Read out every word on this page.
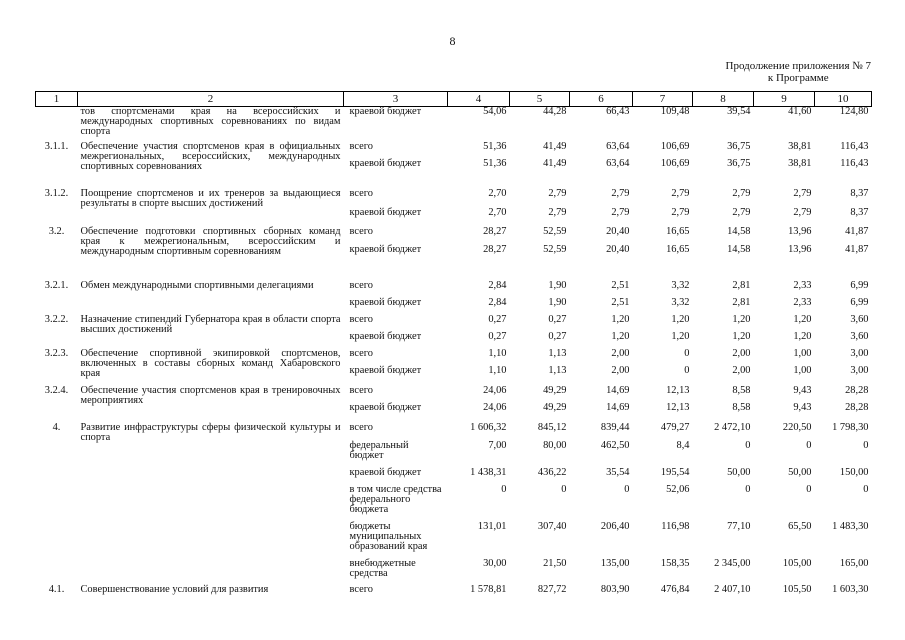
8
Продолжение приложения № 7
к Программе
1	2	3	4	5	6	7	8	9	10
	тов спортсменами края на всероссийских и международных спортивных соревнованиях по видам спорта	краевой бюджет	54,06	44,28	66,43	109,48	39,54	41,60	124,80
3.1.1.	Обеспечение участия спортсменов края в официальных межрегиональных, всероссийских, международных спортивных соревнованиях	всего	51,36	41,49	63,64	106,69	36,75	38,81	116,43
		краевой бюджет	51,36	41,49	63,64	106,69	36,75	38,81	116,43
3.1.2.	Поощрение спортсменов и их тренеров за выдающиеся результаты в спорте высших достижений	всего	2,70	2,79	2,79	2,79	2,79	2,79	8,37
		краевой бюджет	2,70	2,79	2,79	2,79	2,79	2,79	8,37
3.2.	Обеспечение подготовки спортивных сборных команд края к межрегиональным, всероссийским и международным спортивным соревнованиям	всего	28,27	52,59	20,40	16,65	14,58	13,96	41,87
		краевой бюджет	28,27	52,59	20,40	16,65	14,58	13,96	41,87
3.2.1.	Обмен международными спортивными делегациями	всего	2,84	1,90	2,51	3,32	2,81	2,33	6,99
		краевой бюджет	2,84	1,90	2,51	3,32	2,81	2,33	6,99
3.2.2.	Назначение стипендий Губернатора края в области спорта высших достижений	всего	0,27	0,27	1,20	1,20	1,20	1,20	3,60
		краевой бюджет	0,27	0,27	1,20	1,20	1,20	1,20	3,60
3.2.3.	Обеспечение спортивной экипировкой спортсменов, включенных в составы сборных команд Хабаровского края	всего	1,10	1,13	2,00	0	2,00	1,00	3,00
		краевой бюджет	1,10	1,13	2,00	0	2,00	1,00	3,00
3.2.4.	Обеспечение участия спортсменов края в тренировочных мероприятиях	всего	24,06	49,29	14,69	12,13	8,58	9,43	28,28
		краевой бюджет	24,06	49,29	14,69	12,13	8,58	9,43	28,28
4.	Развитие инфраструктуры сферы физической культуры и спорта	всего	1 606,32	845,12	839,44	479,27	2 472,10	220,50	1 798,30
		федеральный бюджет	7,00	80,00	462,50	8,4	0	0	0
		краевой бюджет	1 438,31	436,22	35,54	195,54	50,00	50,00	150,00
		в том числе средства федерального бюджета	0	0	0	52,06	0	0	0
		бюджеты муниципальных образований края	131,01	307,40	206,40	116,98	77,10	65,50	1 483,30
		внебюджетные средства	30,00	21,50	135,00	158,35	2 345,00	105,00	165,00
4.1.	Совершенствование условий для развития	всего	1 578,81	827,72	803,90	476,84	2 407,10	105,50	1 603,30
